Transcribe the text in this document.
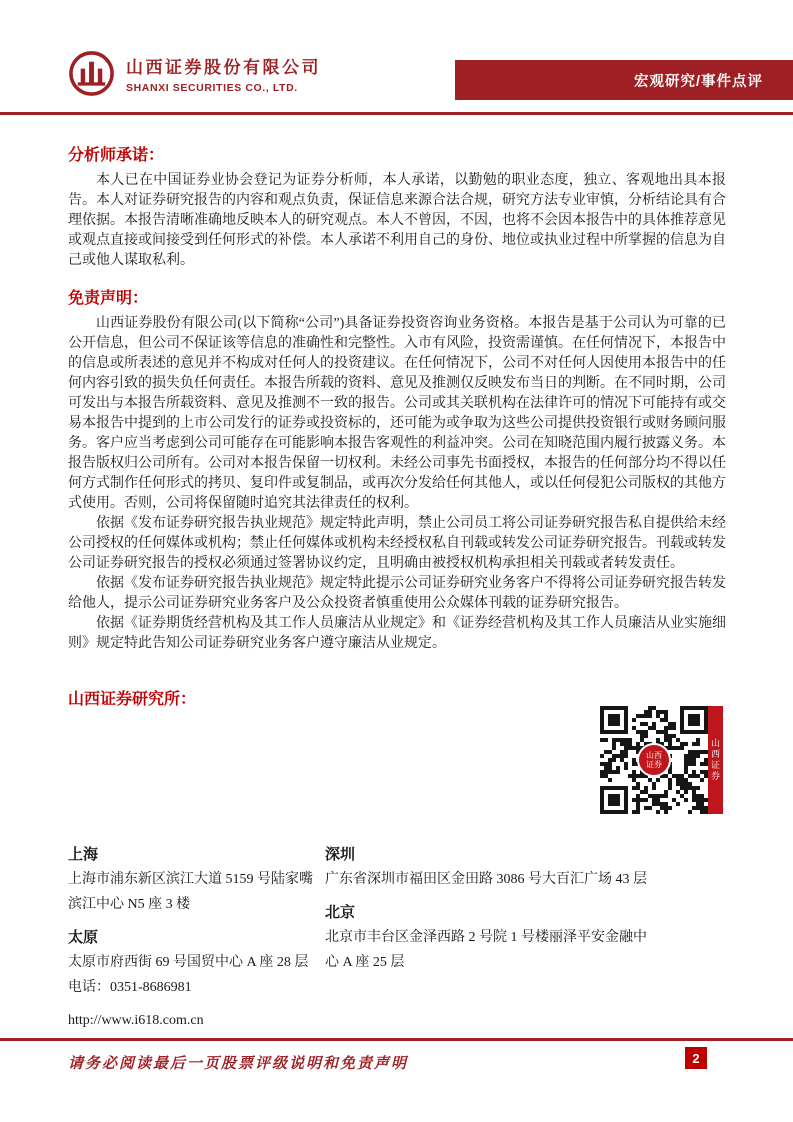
山西证券股份有限公司
SHANXI SECURITIES CO., LTD.	宏观研究/事件点评
分析师承诺：

本人已在中国证券业协会登记为证券分析师，本人承诺，以勤勉的职业态度，独立、客观地出具本报告。本人对证券研究报告的内容和观点负责，保证信息来源合法合规，研究方法专业审慎，分析结论具有合理依据。本报告清晰准确地反映本人的研究观点。本人不曾因，不因，也将不会因本报告中的具体推荐意见或观点直接或间接受到任何形式的补偿。本人承诺不利用自己的身份、地位或执业过程中所掌握的信息为自己或他人谋取私利。

免责声明：

山西证券股份有限公司(以下简称“公司”)具备证券投资咨询业务资格。本报告是基于公司认为可靠的已公开信息，但公司不保证该等信息的准确性和完整性。入市有风险，投资需谨慎。在任何情况下，本报告中的信息或所表述的意见并不构成对任何人的投资建议。在任何情况下，公司不对任何人因使用本报告中的任何内容引致的损失负任何责任。本报告所载的资料、意见及推测仅反映发布当日的判断。在不同时期，公司可发出与本报告所载资料、意见及推测不一致的报告。公司或其关联机构在法律许可的情况下可能持有或交易本报告中提到的上市公司发行的证券或投资标的，还可能为或争取为这些公司提供投资银行或财务顾问服务。客户应当考虑到公司可能存在可能影响本报告客观性的利益冲突。公司在知晓范围内履行披露义务。本报告版权归公司所有。公司对本报告保留一切权利。未经公司事先书面授权，本报告的任何部分均不得以任何方式制作任何形式的拷贝、复印件或复制品，或再次分发给任何其他人，或以任何侵犯公司版权的其他方式使用。否则，公司将保留随时追究其法律责任的权利。

依据《发布证券研究报告执业规范》规定特此声明，禁止公司员工将公司证券研究报告私自提供给未经公司授权的任何媒体或机构；禁止任何媒体或机构未经授权私自刊载或转发公司证券研究报告。刊载或转发公司证券研究报告的授权必须通过签署协议约定，且明确由被授权机构承担相关刊载或者转发责任。

依据《发布证券研究报告执业规范》规定特此提示公司证券研究业务客户不得将公司证券研究报告转发给他人，提示公司证券研究业务客户及公众投资者慎重使用公众媒体刊载的证券研究报告。

依据《证券期货经营机构及其工作人员廉洁从业规定》和《证券经营机构及其工作人员廉洁从业实施细则》规定特此告知公司证券研究业务客户遵守廉洁从业规定。

山西证券研究所：
山西证券	山西证券
上海
上海市浦东新区滨江大道 5159 号陆家嘴滨江中心 N5 座 3 楼
太原
太原市府西街 69 号国贸中心 A 座 28 层
电话：0351-8686981
http://www.i618.com.cn
深圳
广东省深圳市福田区金田路 3086 号大百汇广场 43 层
北京
北京市丰台区金泽西路 2 号院 1 号楼丽泽平安金融中心 A 座 25 层
请务必阅读最后一页股票评级说明和免责声明	2
